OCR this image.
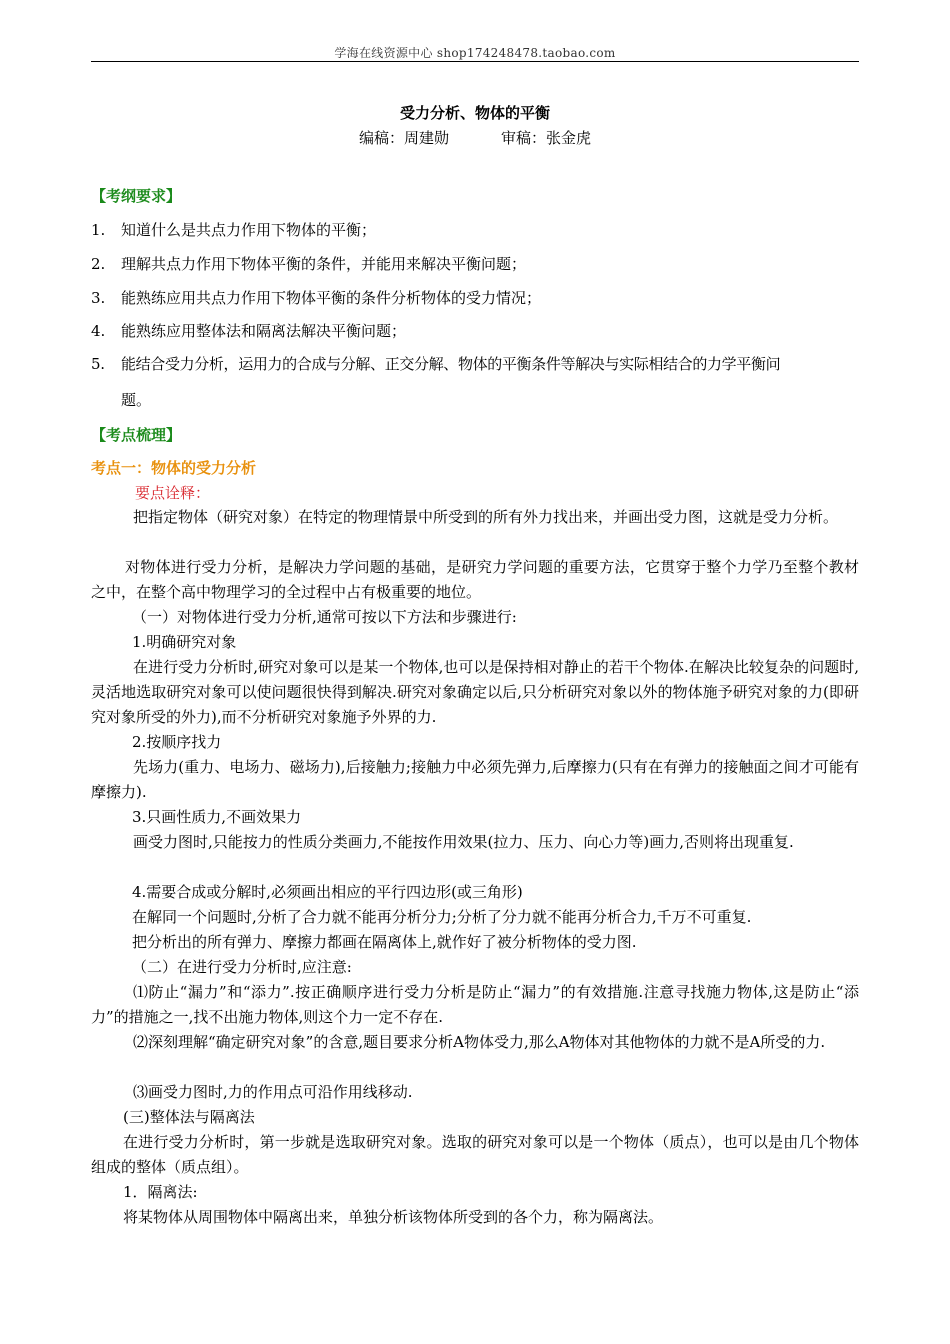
学海在线资源中心 shop174248478.taobao.com
受力分析、物体的平衡
编稿：周建勋	审稿：张金虎
【考纲要求】
1. 知道什么是共点力作用下物体的平衡；
2. 理解共点力作用下物体平衡的条件，并能用来解决平衡问题；
3. 能熟练应用共点力作用下物体平衡的条件分析物体的受力情况；
4. 能熟练应用整体法和隔离法解决平衡问题；
5. 能结合受力分析，运用力的合成与分解、正交分解、物体的平衡条件等解决与实际相结合的力学平衡问
题。
【考点梳理】
考点一：物体的受力分析
要点诠释：
把指定物体（研究对象）在特定的物理情景中所受到的所有外力找出来，并画出受力图，这就是受力分析。
对物体进行受力分析，是解决力学问题的基础，是研究力学问题的重要方法，它贯穿于整个力学乃至整个教材之中，在整个高中物理学习的全过程中占有极重要的地位。
（一）对物体进行受力分析,通常可按以下方法和步骤进行:
1.明确研究对象
在进行受力分析时,研究对象可以是某一个物体,也可以是保持相对静止的若干个物体.在解决比较复杂的问题时,灵活地选取研究对象可以使问题很快得到解决.研究对象确定以后,只分析研究对象以外的物体施予研究对象的力(即研究对象所受的外力),而不分析研究对象施予外界的力.
2.按顺序找力
先场力(重力、电场力、磁场力),后接触力;接触力中必须先弹力,后摩擦力(只有在有弹力的接触面之间才可能有摩擦力).
3.只画性质力,不画效果力
画受力图时,只能按力的性质分类画力,不能按作用效果(拉力、压力、向心力等)画力,否则将出现重复.
4.需要合成或分解时,必须画出相应的平行四边形(或三角形)
在解同一个问题时,分析了合力就不能再分析分力;分析了分力就不能再分析合力,千万不可重复.
把分析出的所有弹力、摩擦力都画在隔离体上,就作好了被分析物体的受力图.
（二）在进行受力分析时,应注意:
⑴防止“漏力”和“添力”.按正确顺序进行受力分析是防止“漏力”的有效措施.注意寻找施力物体,这是防止“添力”的措施之一,找不出施力物体,则这个力一定不存在.
⑵深刻理解“确定研究对象”的含意,题目要求分析A物体受力,那么A物体对其他物体的力就不是A所受的力.
⑶画受力图时,力的作用点可沿作用线移动.
(三)整体法与隔离法
在进行受力分析时，第一步就是选取研究对象。选取的研究对象可以是一个物体（质点），也可以是由几个物体组成的整体（质点组）。
1．隔离法:
将某物体从周围物体中隔离出来，单独分析该物体所受到的各个力，称为隔离法。
